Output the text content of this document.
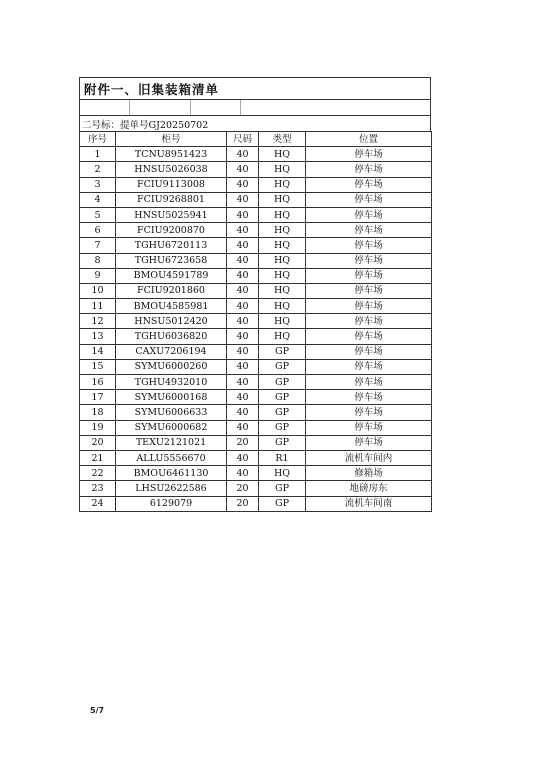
附件一、旧集装箱清单
二号标：提单号GJ20250702
序号	柜号	尺码	类型	位置
1	TCNU8951423	40	HQ	停车场
2	HNSU5026038	40	HQ	停车场
3	FCIU9113008	40	HQ	停车场
4	FCIU9268801	40	HQ	停车场
5	HNSU5025941	40	HQ	停车场
6	FCIU9200870	40	HQ	停车场
7	TGHU6720113	40	HQ	停车场
8	TGHU6723658	40	HQ	停车场
9	BMOU4591789	40	HQ	停车场
10	FCIU9201860	40	HQ	停车场
11	BMOU4585981	40	HQ	停车场
12	HNSU5012420	40	HQ	停车场
13	TGHU6036820	40	HQ	停车场
14	CAXU7206194	40	GP	停车场
15	SYMU6000260	40	GP	停车场
16	TGHU4932010	40	GP	停车场
17	SYMU6000168	40	GP	停车场
18	SYMU6006633	40	GP	停车场
19	SYMU6000682	40	GP	停车场
20	TEXU2121021	20	GP	停车场
21	ALLU5556670	40	R1	流机车间内
22	BMOU6461130	40	HQ	修箱场
23	LHSU2622586	20	GP	地磅房东
24	6129079	20	GP	流机车间南
5/7
